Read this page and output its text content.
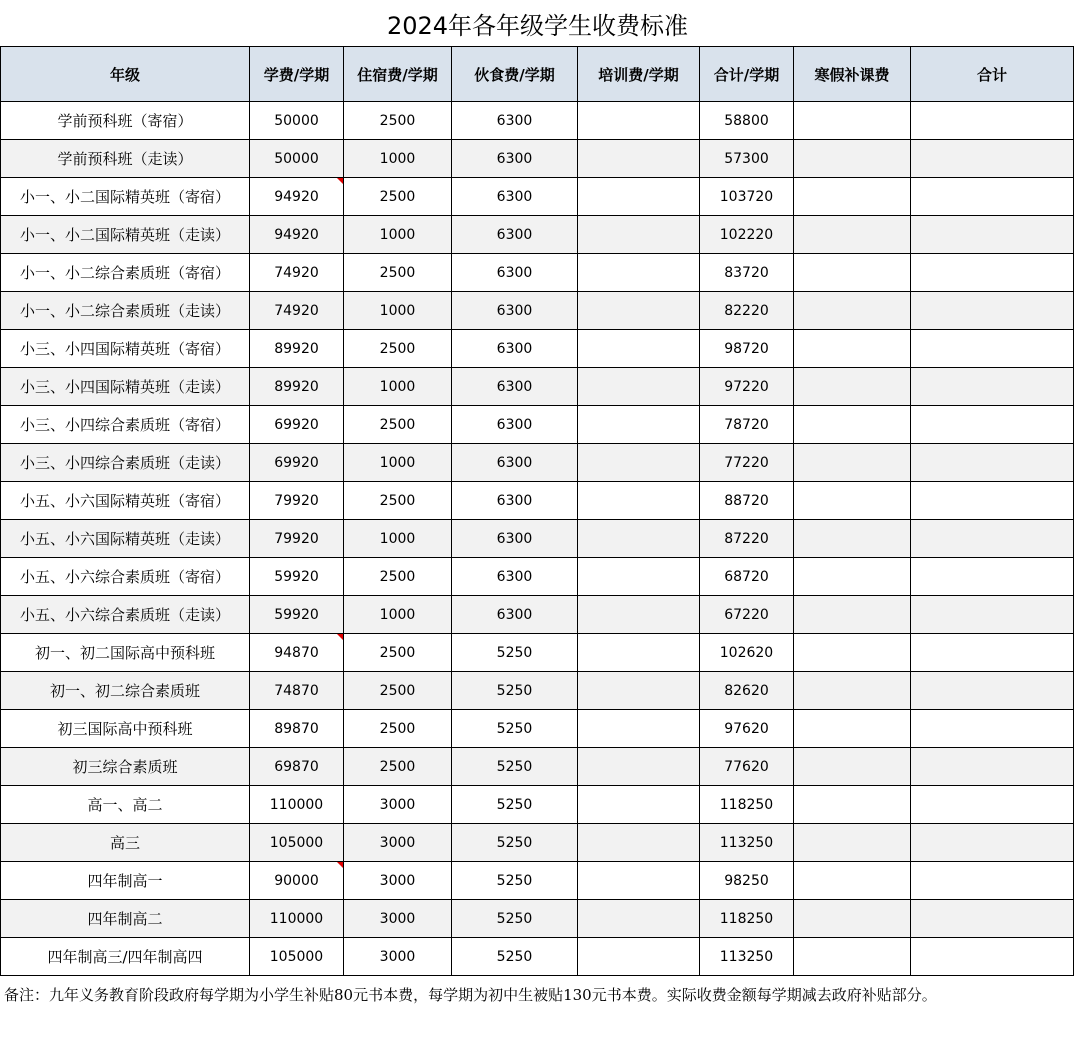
2024年各年级学生收费标准
年级	学费/学期	住宿费/学期	伙食费/学期	培训费/学期	合计/学期	寒假补课费	合计
学前预科班（寄宿）	50000	2500	6300		58800		
学前预科班（走读）	50000	1000	6300		57300		
小一、小二国际精英班（寄宿）	94920	2500	6300		103720		
小一、小二国际精英班（走读）	94920	1000	6300		102220		
小一、小二综合素质班（寄宿）	74920	2500	6300		83720		
小一、小二综合素质班（走读）	74920	1000	6300		82220		
小三、小四国际精英班（寄宿）	89920	2500	6300		98720		
小三、小四国际精英班（走读）	89920	1000	6300		97220		
小三、小四综合素质班（寄宿）	69920	2500	6300		78720		
小三、小四综合素质班（走读）	69920	1000	6300		77220		
小五、小六国际精英班（寄宿）	79920	2500	6300		88720		
小五、小六国际精英班（走读）	79920	1000	6300		87220		
小五、小六综合素质班（寄宿）	59920	2500	6300		68720		
小五、小六综合素质班（走读）	59920	1000	6300		67220		
初一、初二国际高中预科班	94870	2500	5250		102620		
初一、初二综合素质班	74870	2500	5250		82620		
初三国际高中预科班	89870	2500	5250		97620		
初三综合素质班	69870	2500	5250		77620		
高一、高二	110000	3000	5250		118250		
高三	105000	3000	5250		113250		
四年制高一	90000	3000	5250		98250		
四年制高二	110000	3000	5250		118250		
四年制高三/四年制高四	105000	3000	5250		113250		
备注：九年义务教育阶段政府每学期为小学生补贴80元书本费，每学期为初中生被贴130元书本费。实际收费金额每学期减去政府补贴部分。
